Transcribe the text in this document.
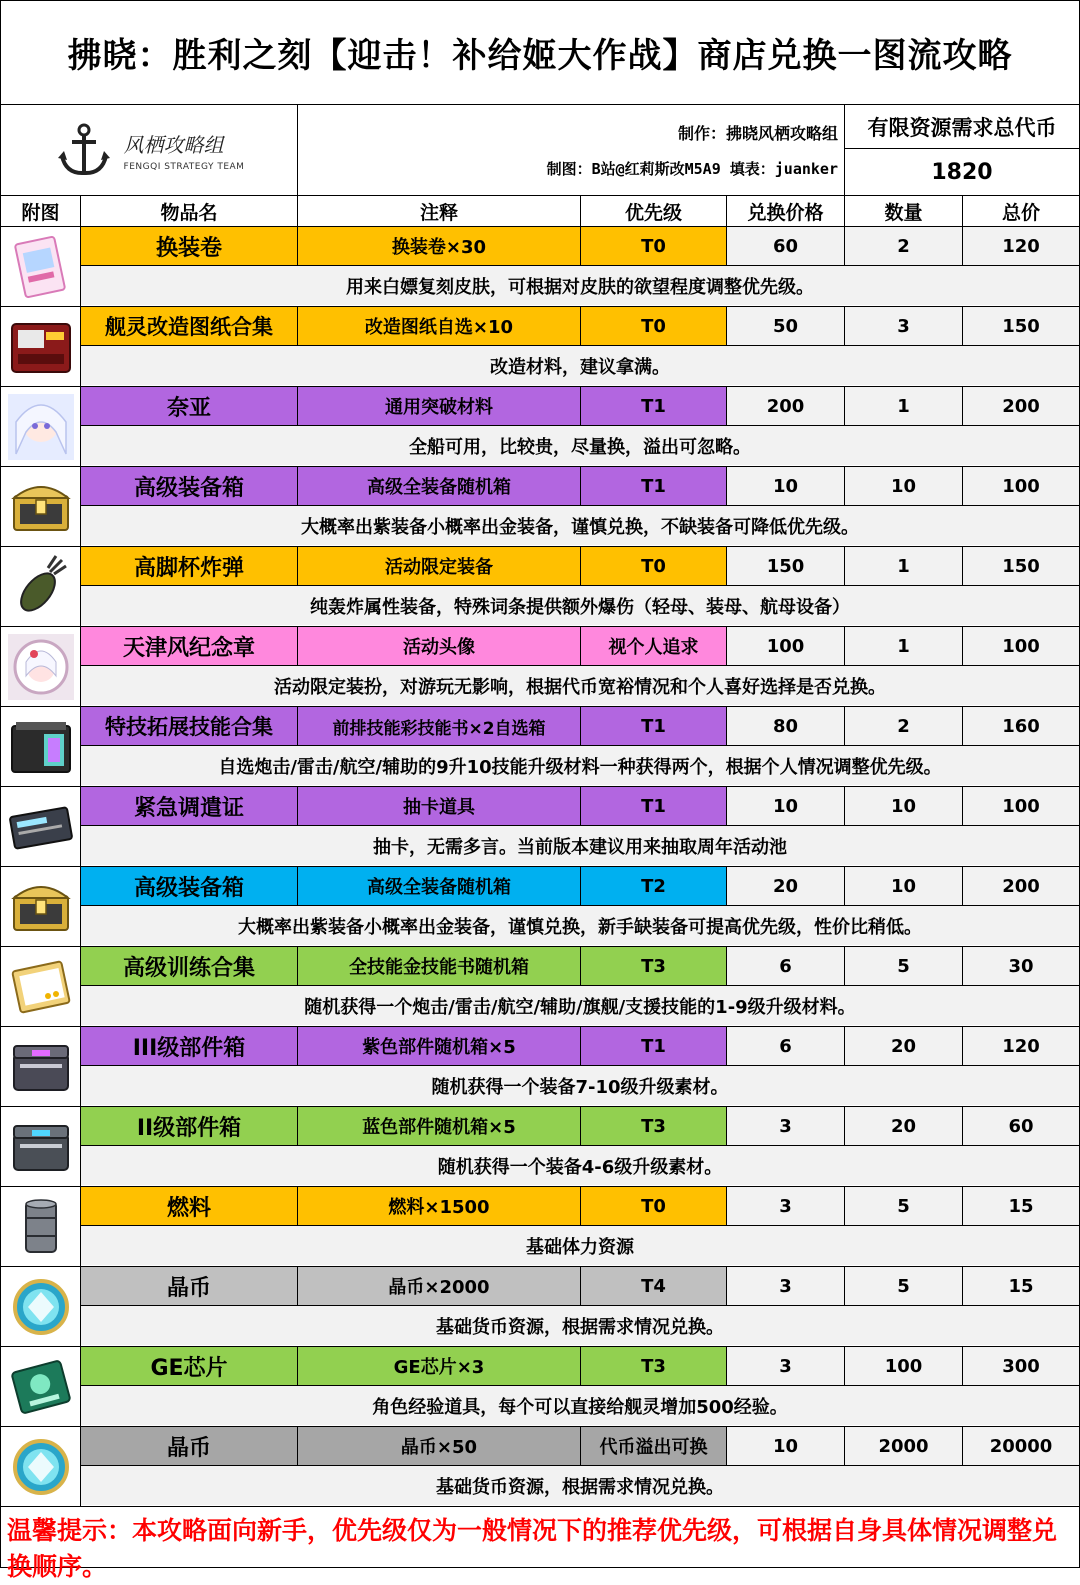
拂晓：胜利之刻【迎击！补给姬大作战】商店兑换一图流攻略
风栖攻略组
FENGQI STRATEGY TEAM
制作：拂晓风栖攻略组
制图：B站@红莉斯改M5A9 填表：juanker
有限资源需求总代币
1820
附图	物品名	注释	优先级	兑换价格	数量	总价
换装卷	换装卷×30	T0	60	2	120
用来白嫖复刻皮肤，可根据对皮肤的欲望程度调整优先级。
舰灵改造图纸合集	改造图纸自选×10	T0	50	3	150
改造材料，建议拿满。
奈亚	通用突破材料	T1	200	1	200
全船可用，比较贵，尽量换，溢出可忽略。
高级装备箱	高级全装备随机箱	T1	10	10	100
大概率出紫装备小概率出金装备，谨慎兑换，不缺装备可降低优先级。
高脚杯炸弹	活动限定装备	T0	150	1	150
纯轰炸属性装备，特殊词条提供额外爆伤（轻母、装母、航母设备）
天津风纪念章	活动头像	视个人追求	100	1	100
活动限定装扮，对游玩无影响，根据代币宽裕情况和个人喜好选择是否兑换。
特技拓展技能合集	前排技能彩技能书×2自选箱	T1	80	2	160
自选炮击/雷击/航空/辅助的9升10技能升级材料一种获得两个，根据个人情况调整优先级。
紧急调遣证	抽卡道具	T1	10	10	100
抽卡，无需多言。当前版本建议用来抽取周年活动池
高级装备箱	高级全装备随机箱	T2	20	10	200
大概率出紫装备小概率出金装备，谨慎兑换，新手缺装备可提高优先级，性价比稍低。
高级训练合集	全技能金技能书随机箱	T3	6	5	30
随机获得一个炮击/雷击/航空/辅助/旗舰/支援技能的1-9级升级材料。
III级部件箱	紫色部件随机箱×5	T1	6	20	120
随机获得一个装备7-10级升级素材。
II级部件箱	蓝色部件随机箱×5	T3	3	20	60
随机获得一个装备4-6级升级素材。
燃料	燃料×1500	T0	3	5	15
基础体力资源
晶币	晶币×2000	T4	3	5	15
基础货币资源，根据需求情况兑换。
GE芯片	GE芯片×3	T3	3	100	300
角色经验道具，每个可以直接给舰灵增加500经验。
晶币	晶币×50	代币溢出可换	10	2000	20000
基础货币资源，根据需求情况兑换。
温馨提示：本攻略面向新手，优先级仅为一般情况下的推荐优先级，可根据自身具体情况调整兑换顺序。
